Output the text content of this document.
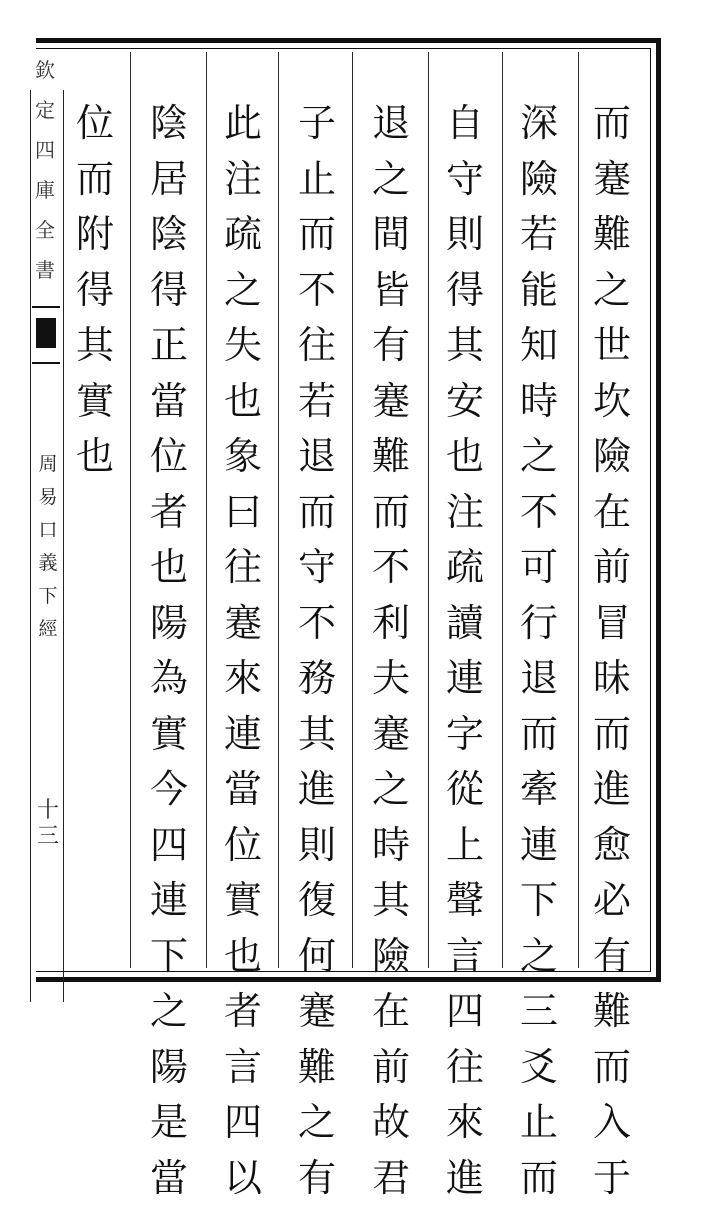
欽定四庫全書
周易口義下經
十三
而蹇難之世坎險在前冒昧而進愈必有難而入于
深險若能知時之不可行退而牽連下之三爻止而
自守則得其安也注疏讀連字從上聲言四往來進
退之間皆有蹇難而不利夫蹇之時其險在前故君
子止而不往若退而守不務其進則復何蹇難之有
此注疏之失也象曰往蹇來連當位實也者言四以
陰居陰得正當位者也陽為實今四連下之陽是當
位而附得其實也
